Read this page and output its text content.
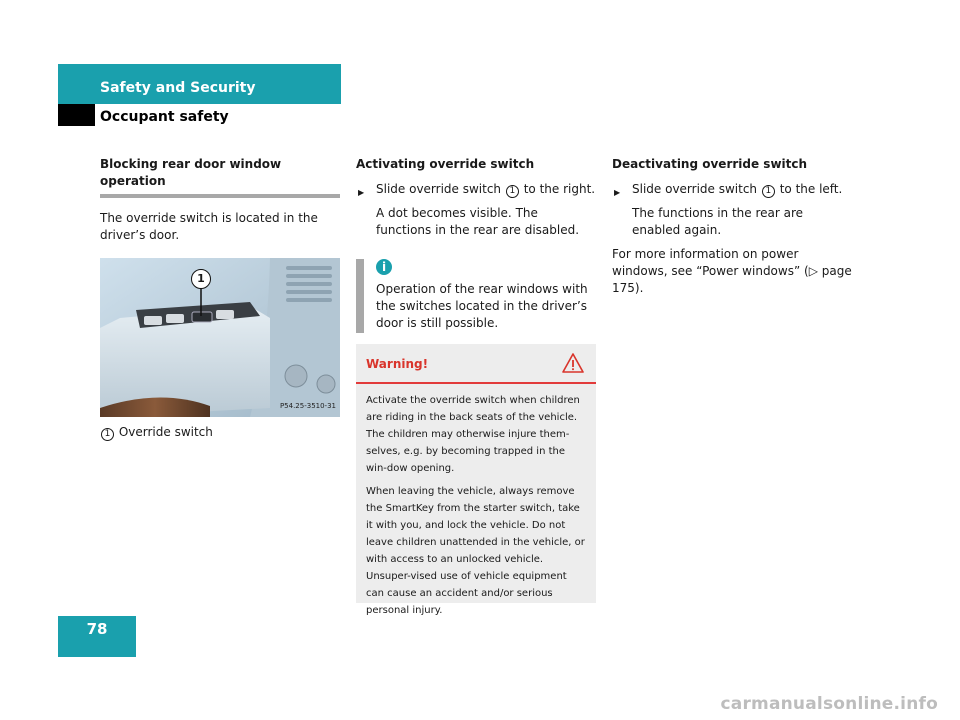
Safety and Security
Occupant safety
Blocking rear door window operation
The override switch is located in the driver’s door.
1
P54.25-3510-31
1 Override switch
Activating override switch
▶ Slide override switch 1 to the right.
A dot becomes visible. The functions in the rear are disabled.
i
Operation of the rear windows with the switches located in the driver’s door is still possible.
Warning!

Activate the override switch when children are riding in the back seats of the vehicle. The children may otherwise injure them-selves, e.g. by becoming trapped in the win-dow opening.

When leaving the vehicle, always remove the SmartKey from the starter switch, take it with you, and lock the vehicle. Do not leave children unattended in the vehicle, or with access to an unlocked vehicle. Unsuper-vised use of vehicle equipment can cause an accident and/or serious personal injury.

Deactivating override switch
▶ Slide override switch 1 to the left.
The functions in the rear are enabled again.
For more information on power windows, see “Power windows” (▷ page 175).
78
carmanualsonline.info
